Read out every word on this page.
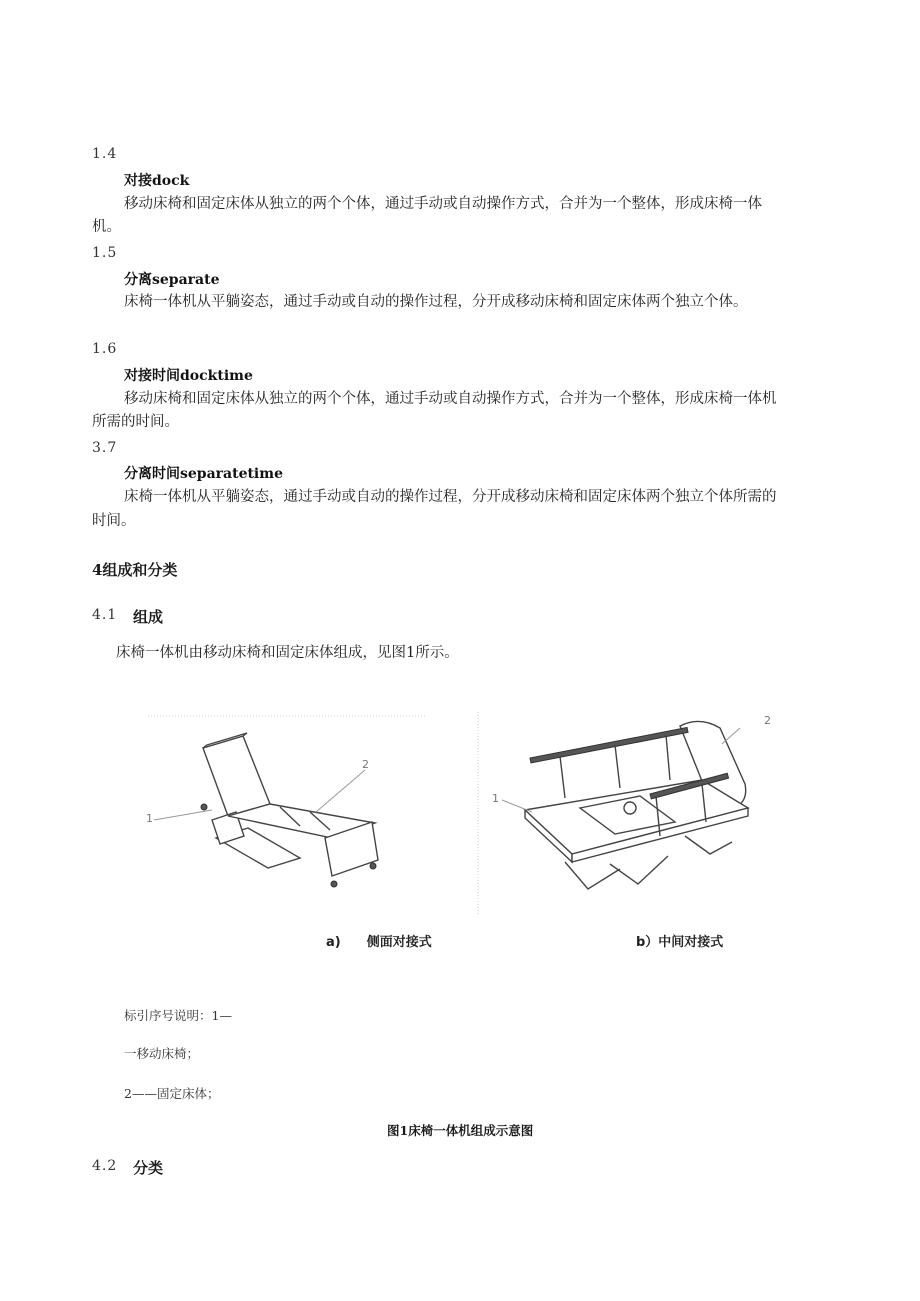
1.4
对接dock
移动床椅和固定床体从独立的两个个体，通过手动或自动操作方式，合并为一个整体，形成床椅一体
机。
1.5
分离separate
床椅一体机从平躺姿态，通过手动或自动的操作过程，分开成移动床椅和固定床体两个独立个体。
1.6
对接时间docktime
移动床椅和固定床体从独立的两个个体，通过手动或自动操作方式，合并为一个整体，形成床椅一体机
所需的时间。
3.7
分离时间separatetime
床椅一体机从平躺姿态，通过手动或自动的操作过程，分开成移动床椅和固定床体两个独立个体所需的
时间。
4组成和分类
4.1 组成
床椅一体机由移动床椅和固定床体组成，见图1所示。
1
2
1
2
a)　　侧面对接式	b）中间对接式
标引序号说明：1—
一移动床椅；
2——固定床体；
图1床椅一体机组成示意图
4.2 分类
